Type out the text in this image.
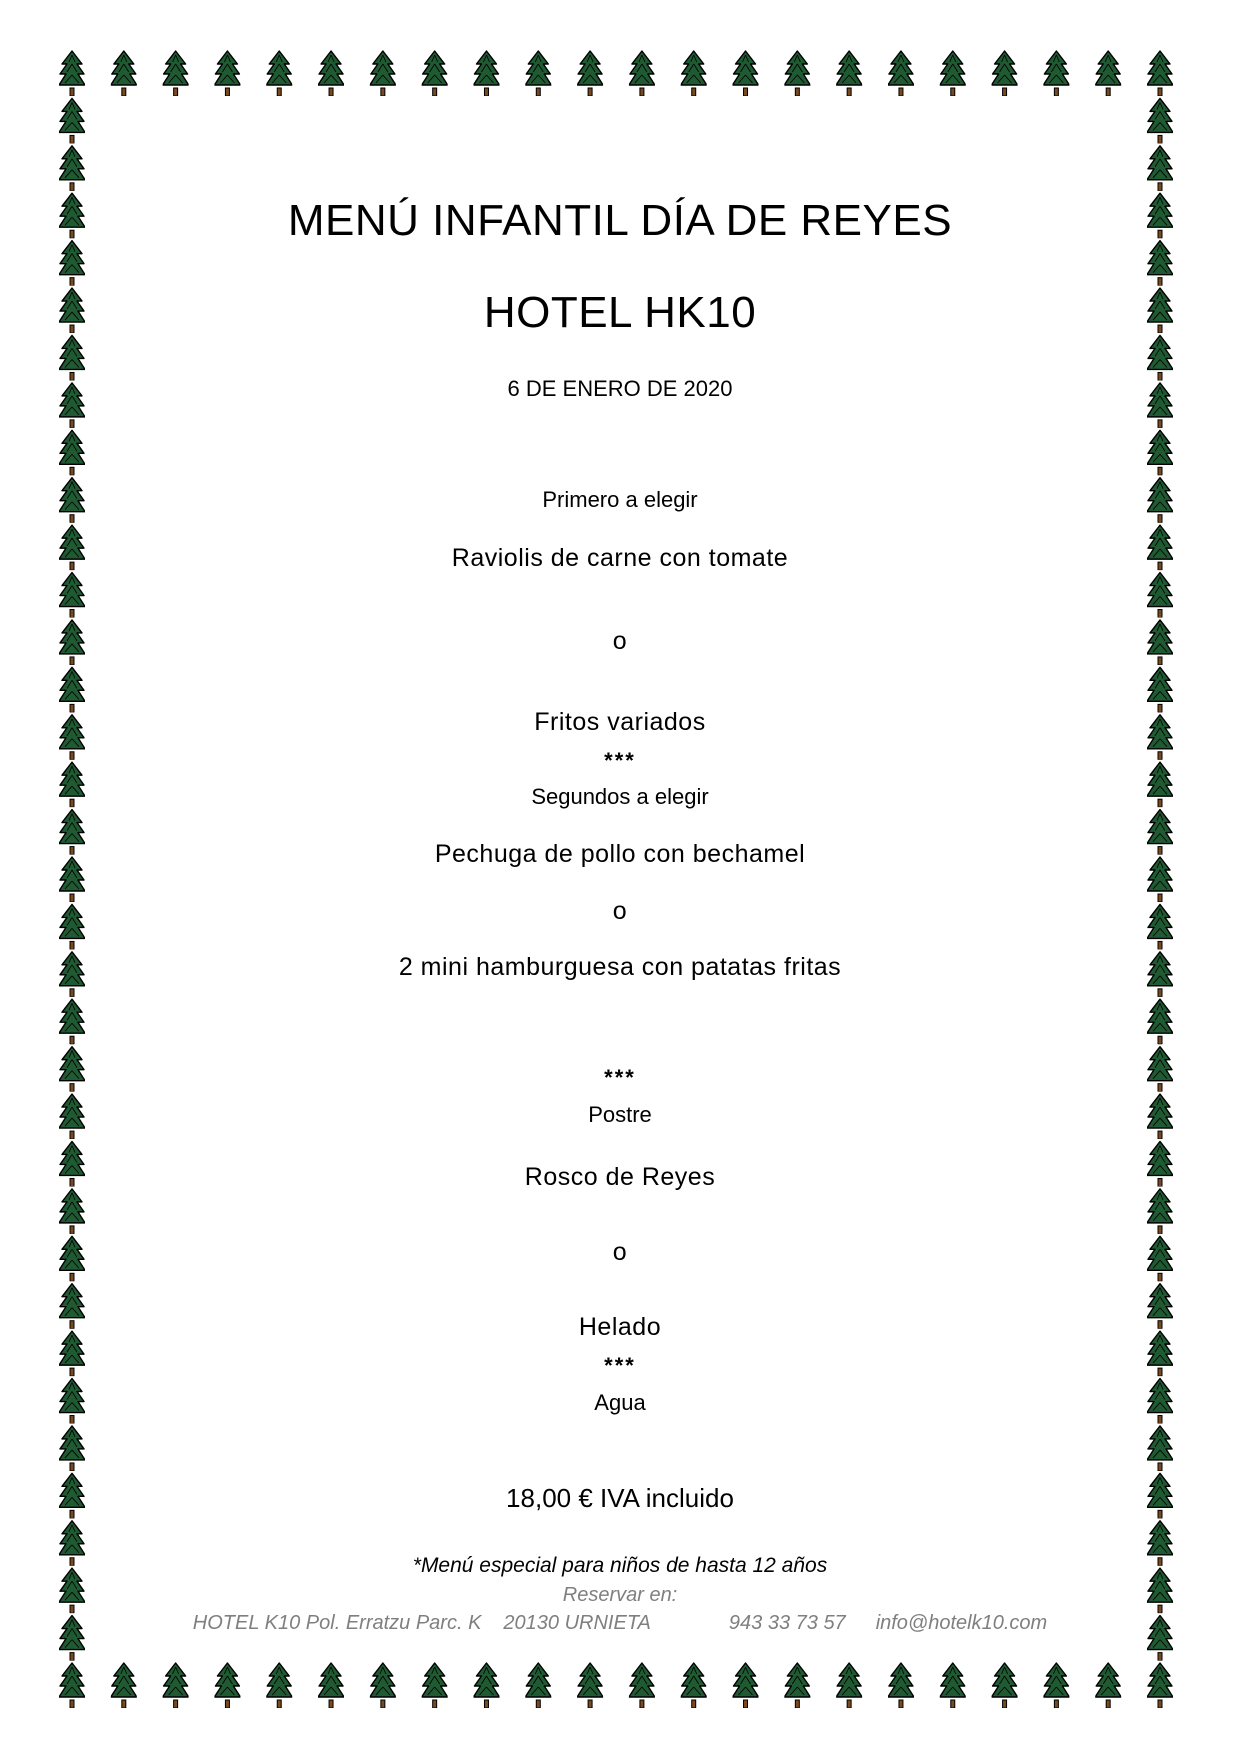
MENÚ INFANTIL DÍA DE REYES
HOTEL HK10
6 DE ENERO DE 2020
Primero a elegir
Raviolis de carne con tomate
o
Fritos variados
***
Segundos a elegir
Pechuga de pollo con bechamel
o
2 mini hamburguesa con patatas fritas
***
Postre
Rosco de Reyes
o
Helado
***
Agua
18,00 € IVA incluido
*Menú especial para niños de hasta 12 años
Reservar en:
HOTEL K10 Pol. Erratzu Parc. K 20130 URNIETA	943 33 73 57 info@hotelk10.com
